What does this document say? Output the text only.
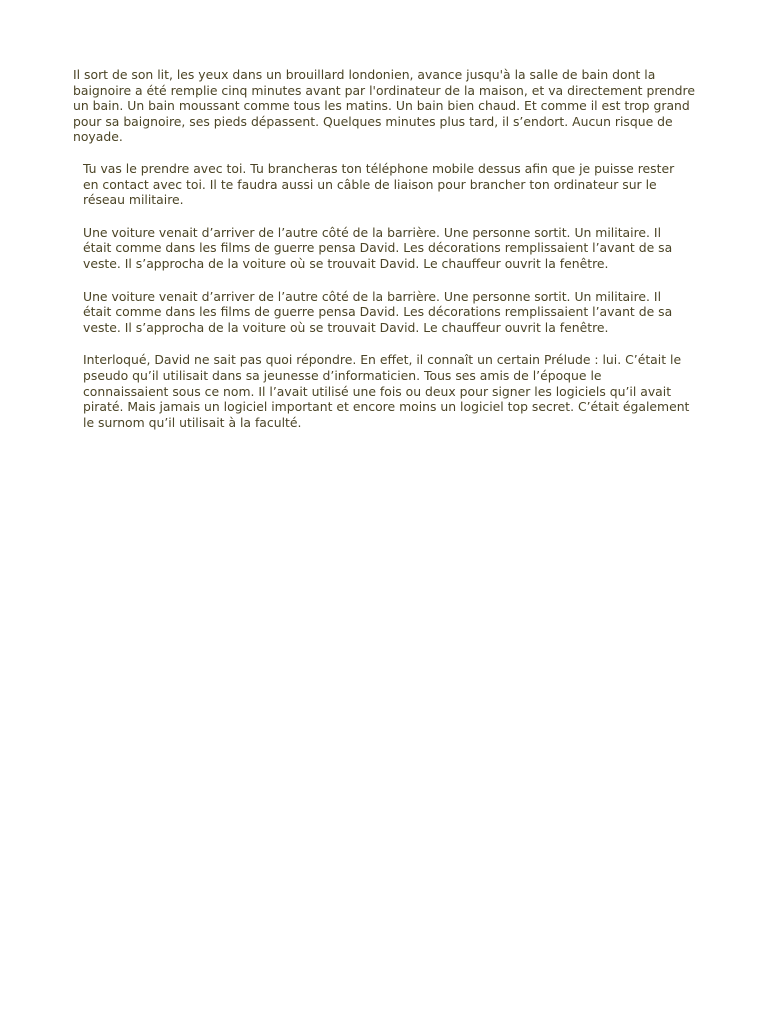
Il sort de son lit, les yeux dans un brouillard londonien, avance jusqu'à la salle de bain dont la baignoire a été remplie cinq minutes avant par l'ordinateur de la maison, et va directement prendre un bain. Un bain moussant comme tous les matins. Un bain bien chaud. Et comme il est trop grand pour sa baignoire, ses pieds dépassent. Quelques minutes plus tard, il s’endort. Aucun risque de noyade.

Tu vas le prendre avec toi. Tu brancheras ton téléphone mobile dessus afin que je puisse rester en contact avec toi. Il te faudra aussi un câble de liaison pour brancher ton ordinateur sur le réseau militaire.

Une voiture venait d’arriver de l’autre côté de la barrière. Une personne sortit. Un militaire. Il était comme dans les films de guerre pensa David. Les décorations remplissaient l’avant de sa veste. Il s’approcha de la voiture où se trouvait David. Le chauffeur ouvrit la fenêtre.

Une voiture venait d’arriver de l’autre côté de la barrière. Une personne sortit. Un militaire. Il était comme dans les films de guerre pensa David. Les décorations remplissaient l’avant de sa veste. Il s’approcha de la voiture où se trouvait David. Le chauffeur ouvrit la fenêtre.

Interloqué, David ne sait pas quoi répondre. En effet, il connaît un certain Prélude : lui. C’était le pseudo qu’il utilisait dans sa jeunesse d’informaticien. Tous ses amis de l’époque le connaissaient sous ce nom. Il l’avait utilisé une fois ou deux pour signer les logiciels qu’il avait piraté. Mais jamais un logiciel important et encore moins un logiciel top secret. C’était également le surnom qu’il utilisait à la faculté.
